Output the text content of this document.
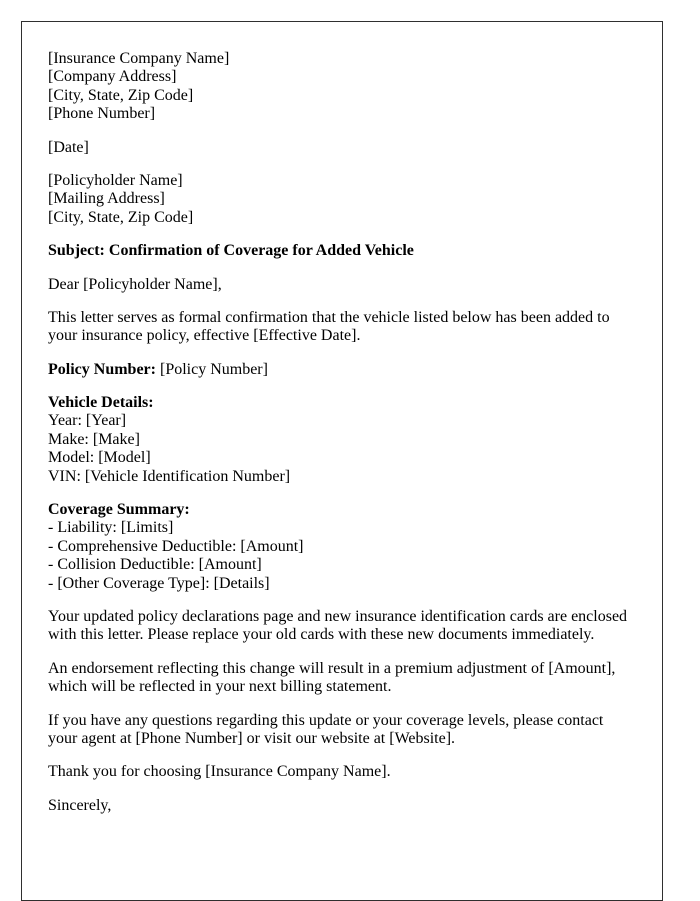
[Insurance Company Name]
[Company Address]
[City, State, Zip Code]
[Phone Number]

[Date]

[Policyholder Name]
[Mailing Address]
[City, State, Zip Code]

Subject: Confirmation of Coverage for Added Vehicle

Dear [Policyholder Name],

This letter serves as formal confirmation that the vehicle listed below has been added to your insurance policy, effective [Effective Date].

Policy Number: [Policy Number]

Vehicle Details:
Year: [Year]
Make: [Make]
Model: [Model]
VIN: [Vehicle Identification Number]

Coverage Summary:
- Liability: [Limits]
- Comprehensive Deductible: [Amount]
- Collision Deductible: [Amount]
- [Other Coverage Type]: [Details]

Your updated policy declarations page and new insurance identification cards are enclosed with this letter. Please replace your old cards with these new documents immediately.

An endorsement reflecting this change will result in a premium adjustment of [Amount], which will be reflected in your next billing statement.

If you have any questions regarding this update or your coverage levels, please contact your agent at [Phone Number] or visit our website at [Website].

Thank you for choosing [Insurance Company Name].

Sincerely,
